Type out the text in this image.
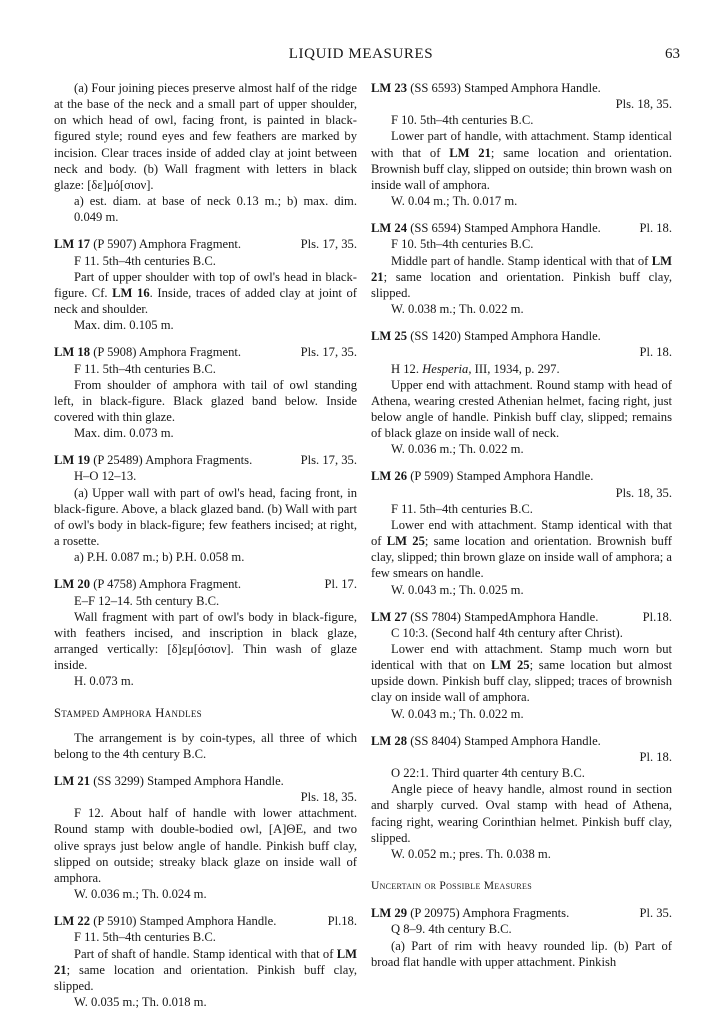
LIQUID MEASURES	63
(a) Four joining pieces preserve almost half of the ridge at the base of the neck and a small part of upper shoulder, on which head of owl, facing front, is painted in black-figured style; round eyes and few feathers are marked by incision. Clear traces inside of added clay at joint between neck and body. (b) Wall fragment with letters in black glaze: [δε]μό[σιον].
a) est. diam. at base of neck 0.13 m.; b) max. dim. 0.049 m.
LM 17 (P 5907) Amphora Fragment.	Pls. 17, 35.
F 11. 5th–4th centuries B.C.
Part of upper shoulder with top of owl's head in black-figure. Cf. LM 16. Inside, traces of added clay at joint of neck and shoulder.
Max. dim. 0.105 m.
LM 18 (P 5908) Amphora Fragment.	Pls. 17, 35.
F 11. 5th–4th centuries B.C.
From shoulder of amphora with tail of owl standing left, in black-figure. Black glazed band below. Inside covered with thin glaze.
Max. dim. 0.073 m.
LM 19 (P 25489) Amphora Fragments.	Pls. 17, 35.
H–O 12–13.
(a) Upper wall with part of owl's head, facing front, in black-figure. Above, a black glazed band. (b) Wall with part of owl's body in black-figure; few feathers incised; at right, a rosette.
a) P.H. 0.087 m.; b) P.H. 0.058 m.
LM 20 (P 4758) Amphora Fragment.	Pl. 17.
E–F 12–14. 5th century B.C.
Wall fragment with part of owl's body in black-figure, with feathers incised, and inscription in black glaze, arranged vertically: [δ]εμ[όσιον]. Thin wash of glaze inside.
H. 0.073 m.
Stamped Amphora Handles
The arrangement is by coin-types, all three of which belong to the 4th century B.C.
LM 21 (SS 3299) Stamped Amphora Handle.
Pls. 18, 35.
F 12. About half of handle with lower attachment. Round stamp with double-bodied owl, [A]ΘE, and two olive sprays just below angle of handle. Pinkish buff clay, slipped on outside; streaky black glaze on inside wall of amphora.
W. 0.036 m.; Th. 0.024 m.
LM 22 (P 5910) Stamped Amphora Handle.	Pl.18.
F 11. 5th–4th centuries B.C.
Part of shaft of handle. Stamp identical with that of LM 21; same location and orientation. Pinkish buff clay, slipped.
W. 0.035 m.; Th. 0.018 m.
LM 23 (SS 6593) Stamped Amphora Handle.
Pls. 18, 35.
F 10. 5th–4th centuries B.C.
Lower part of handle, with attachment. Stamp identical with that of LM 21; same location and orientation. Brownish buff clay, slipped on outside; thin brown wash on inside wall of amphora.
W. 0.04 m.; Th. 0.017 m.
LM 24 (SS 6594) Stamped Amphora Handle.	Pl. 18.
F 10. 5th–4th centuries B.C.
Middle part of handle. Stamp identical with that of LM 21; same location and orientation. Pinkish buff clay, slipped.
W. 0.038 m.; Th. 0.022 m.
LM 25 (SS 1420) Stamped Amphora Handle.
Pl. 18.
H 12. Hesperia, III, 1934, p. 297.
Upper end with attachment. Round stamp with head of Athena, wearing crested Athenian helmet, facing right, just below angle of handle. Pinkish buff clay, slipped; remains of black glaze on inside wall of neck.
W. 0.036 m.; Th. 0.022 m.
LM 26 (P 5909) Stamped Amphora Handle.
Pls. 18, 35.
F 11. 5th–4th centuries B.C.
Lower end with attachment. Stamp identical with that of LM 25; same location and orientation. Brownish buff clay, slipped; thin brown glaze on inside wall of amphora; a few smears on handle.
W. 0.043 m.; Th. 0.025 m.
LM 27 (SS 7804) StampedAmphora Handle.	Pl.18.
C 10:3. (Second half 4th century after Christ).
Lower end with attachment. Stamp much worn but identical with that on LM 25; same location but almost upside down. Pinkish buff clay, slipped; traces of brownish clay on inside wall of amphora.
W. 0.043 m.; Th. 0.022 m.
LM 28 (SS 8404) Stamped Amphora Handle.
Pl. 18.
O 22:1. Third quarter 4th century B.C.
Angle piece of heavy handle, almost round in section and sharply curved. Oval stamp with head of Athena, facing right, wearing Corinthian helmet. Pinkish buff clay, slipped.
W. 0.052 m.; pres. Th. 0.038 m.
Uncertain or Possible Measures
LM 29 (P 20975) Amphora Fragments.	Pl. 35.
Q 8–9. 4th century B.C.
(a) Part of rim with heavy rounded lip. (b) Part of broad flat handle with upper attachment. Pinkish
